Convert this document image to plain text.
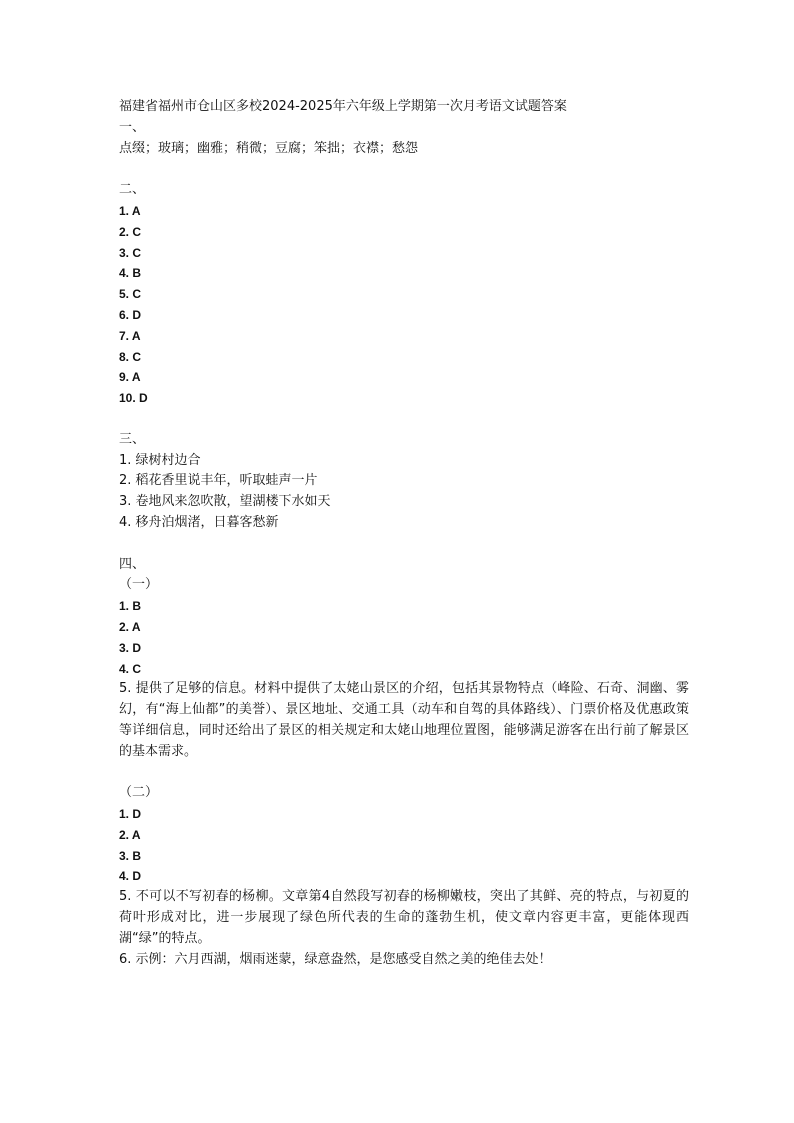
福建省福州市仓山区多校2024-2025年六年级上学期第一次月考语文试题答案
一、
点缀；玻璃；幽雅；稍微；豆腐；笨拙；衣襟；愁怨
二、
1. A
2. C
3. C
4. B
5. C
6. D
7. A
8. C
9. A
10. D
三、
1. 绿树村边合
2. 稻花香里说丰年，听取蛙声一片
3. 卷地风来忽吹散，望湖楼下水如天
4. 移舟泊烟渚，日暮客愁新
四、
（一）
1. B
2. A
3. D
4. C
5. 提供了足够的信息。材料中提供了太姥山景区的介绍，包括其景物特点（峰险、石奇、洞幽、雾幻，有“海上仙都”的美誉）、景区地址、交通工具（动车和自驾的具体路线）、门票价格及优惠政策等详细信息，同时还给出了景区的相关规定和太姥山地理位置图，能够满足游客在出行前了解景区的基本需求。
（二）
1. D
2. A
3. B
4. D
5. 不可以不写初春的杨柳。文章第4自然段写初春的杨柳嫩枝，突出了其鲜、亮的特点，与初夏的荷叶形成对比，进一步展现了绿色所代表的生命的蓬勃生机，使文章内容更丰富，更能体现西湖“绿”的特点。
6. 示例：六月西湖，烟雨迷蒙，绿意盎然，是您感受自然之美的绝佳去处！
